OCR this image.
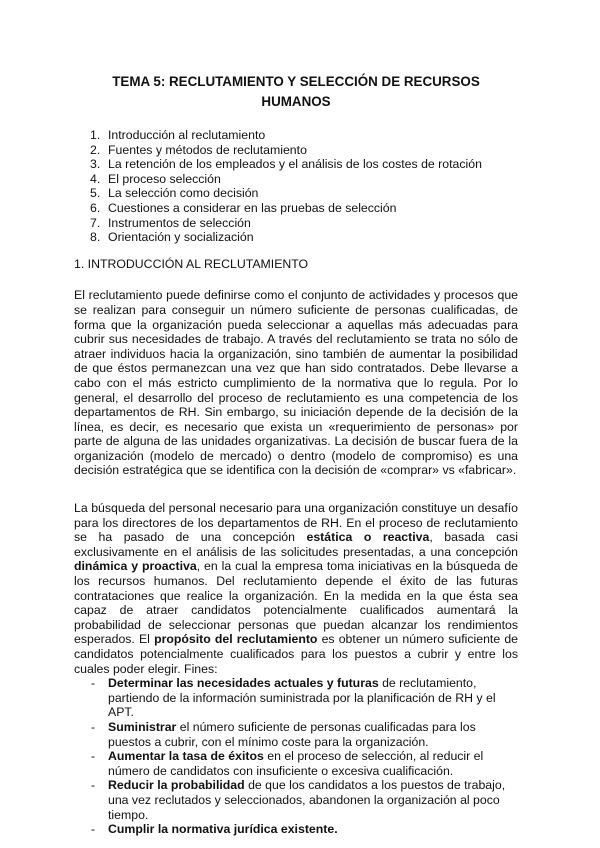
TEMA 5: RECLUTAMIENTO Y SELECCIÓN DE RECURSOS
HUMANOS
1. Introducción al reclutamiento
2. Fuentes y métodos de reclutamiento
3. La retención de los empleados y el análisis de los costes de rotación
4. El proceso selección
5. La selección como decisión
6. Cuestiones a considerar en las pruebas de selección
7. Instrumentos de selección
8. Orientación y socialización
1. INTRODUCCIÓN AL RECLUTAMIENTO

El reclutamiento puede definirse como el conjunto de actividades y procesos que se realizan para conseguir un número suficiente de personas cualificadas, de forma que la organización pueda seleccionar a aquellas más adecuadas para cubrir sus necesidades de trabajo. A través del reclutamiento se trata no sólo de atraer individuos hacia la organización, sino también de aumentar la posibilidad de que éstos permanezcan una vez que han sido contratados. Debe llevarse a cabo con el más estricto cumplimiento de la normativa que lo regula. Por lo general, el desarrollo del proceso de reclutamiento es una competencia de los departamentos de RH. Sin embargo, su iniciación depende de la decisión de la línea, es decir, es necesario que exista un «requerimiento de personas» por parte de alguna de las unidades organizativas. La decisión de buscar fuera de la organización (modelo de mercado) o dentro (modelo de compromiso) es una decisión estratégica que se identifica con la decisión de «comprar» vs «fabricar».

La búsqueda del personal necesario para una organización constituye un desafío para los directores de los departamentos de RH. En el proceso de reclutamiento se ha pasado de una concepción estática o reactiva, basada casi exclusivamente en el análisis de las solicitudes presentadas, a una concepción dinámica y proactiva, en la cual la empresa toma iniciativas en la búsqueda de los recursos humanos. Del reclutamiento depende el éxito de las futuras contrataciones que realice la organización. En la medida en la que ésta sea capaz de atraer candidatos potencialmente cualificados aumentará la probabilidad de seleccionar personas que puedan alcanzar los rendimientos esperados. El propósito del reclutamiento es obtener un número suficiente de candidatos potencialmente cualificados para los puestos a cubrir y entre los cuales poder elegir. Fines:

- Determinar las necesidades actuales y futuras de reclutamiento, partiendo de la información suministrada por la planificación de RH y el APT.
- Suministrar el número suficiente de personas cualificadas para los puestos a cubrir, con el mínimo coste para la organización.
- Aumentar la tasa de éxitos en el proceso de selección, al reducir el número de candidatos con insuficiente o excesiva cualificación.
- Reducir la probabilidad de que los candidatos a los puestos de trabajo, una vez reclutados y seleccionados, abandonen la organización al poco tiempo.
- Cumplir la normativa jurídica existente.
